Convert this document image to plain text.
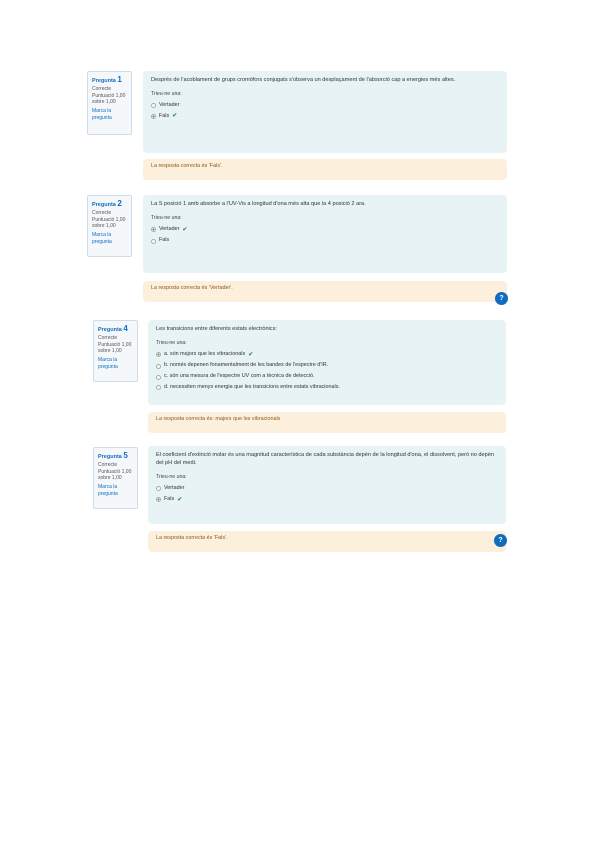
Pregunta 1
Correcte
Puntuació 1,00 sobre 1,00
Marca la pregunta
Després de l'acoblament de grups cromòfors conjugats s'observa un desplaçament de l'absorció cap a energies més altes.
Trieu-ne una:
Vertader
Fals ✔
La resposta correcta és 'Fals'.
Pregunta 2
Correcte
Puntuació 1,00 sobre 1,00
Marca la pregunta
La S posició 1 amb absorbe a l'UV-Vis a longitud d'ona més alta que la 4 posició 2 ara.
Trieu-ne una:
Vertader ✔
Fals
La resposta correcta és 'Vertader'.
?
Pregunta 4
Correcte
Puntuació 1,00 sobre 1,00
Marca la pregunta
Les transicions entre diferents estats electrònics:
Trieu-ne una:
a. són majors que les vibracionals ✔
b. només depenen fonamentalment de les bandes de l'espectre d'IR.
c. són una mesura de l'espectre UV com a tècnica de detecció.
d. necessiten menys energia que les transicions entre estats vibracionals.
La resposta correcta és: majors que les vibracionals
Pregunta 5
Correcte
Puntuació 1,00 sobre 1,00
Marca la pregunta
El coeficient d'extinció molar és una magnitud característica de cada substància depèn de la longitud d'ona, el dissolvent, però no depèn del pH del medi.
Trieu-ne una:
Vertader
Fals ✔
La resposta correcta és 'Fals'.	?
